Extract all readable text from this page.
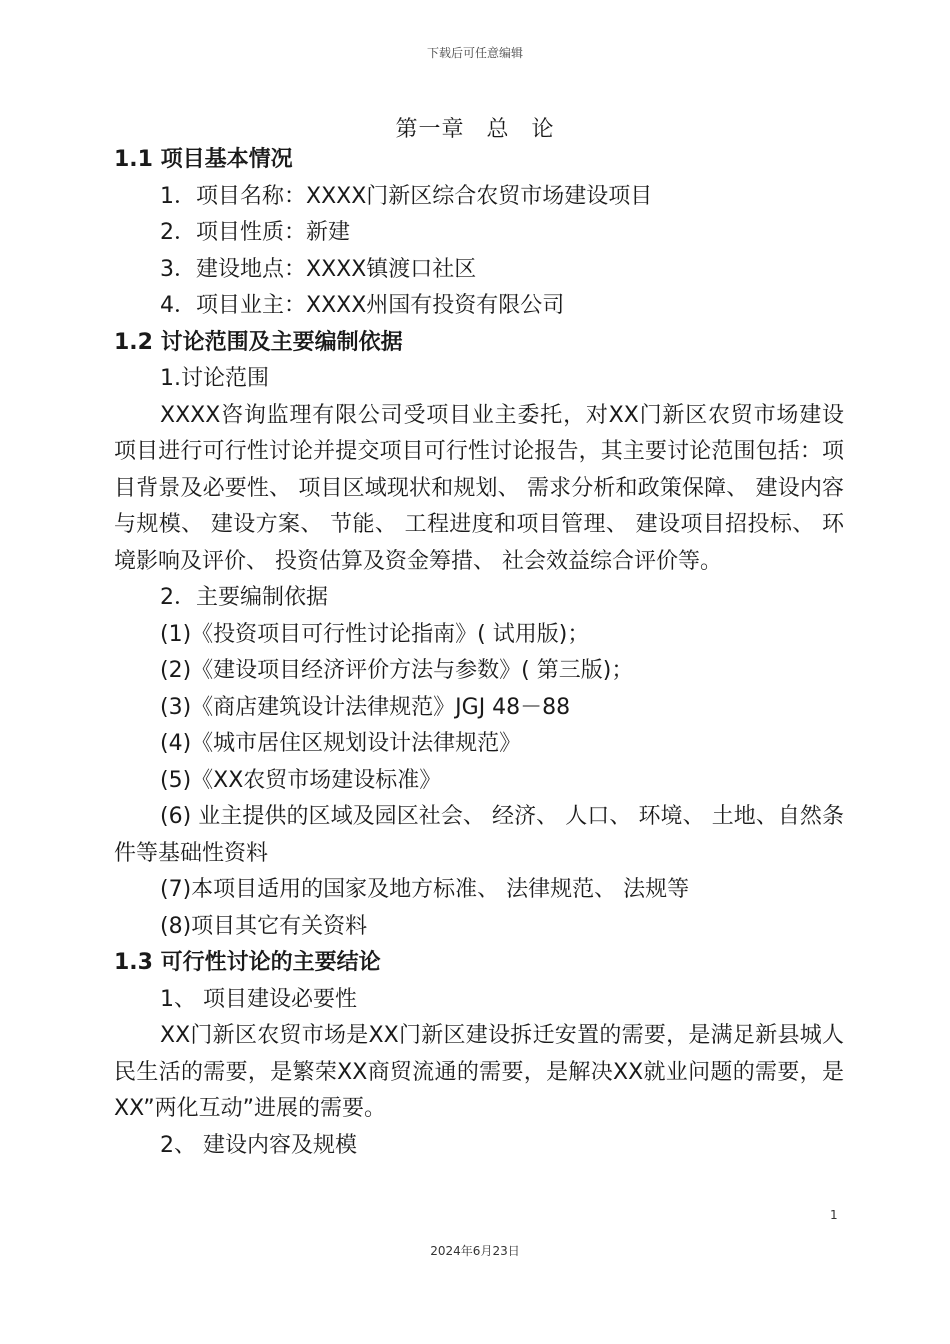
下载后可任意编辑
第一章 总 论

1.1 项目基本情况

1．项目名称：XXXX门新区综合农贸市场建设项目

2．项目性质：新建

3．建设地点：XXXX镇渡口社区

4．项目业主：XXXX州国有投资有限公司

1.2 讨论范围及主要编制依据

1.讨论范围

XXXX咨询监理有限公司受项目业主委托，对XX门新区农贸市场建设项目进行可行性讨论并提交项目可行性讨论报告，其主要讨论范围包括：项目背景及必要性、 项目区域现状和规划、 需求分析和政策保障、 建设内容与规模、 建设方案、 节能、 工程进度和项目管理、 建设项目招投标、 环境影响及评价、 投资估算及资金筹措、 社会效益综合评价等。

2．主要编制依据

(1)《投资项目可行性讨论指南》( 试用版)；

(2)《建设项目经济评价方法与参数》( 第三版)；

(3)《商店建筑设计法律规范》JGJ 48－88

(4)《城市居住区规划设计法律规范》

(5)《XX农贸市场建设标准》

(6) 业主提供的区域及园区社会、 经济、 人口、 环境、 土地、自然条件等基础性资料

(7)本项目适用的国家及地方标准、 法律规范、 法规等

(8)项目其它有关资料

1.3 可行性讨论的主要结论

1、 项目建设必要性

XX门新区农贸市场是XX门新区建设拆迁安置的需要，是满足新县城人民生活的需要，是繁荣XX商贸流通的需要，是解决XX就业问题的需要，是XX”两化互动”进展的需要。

2、 建设内容及规模

1
2024年6月23日
